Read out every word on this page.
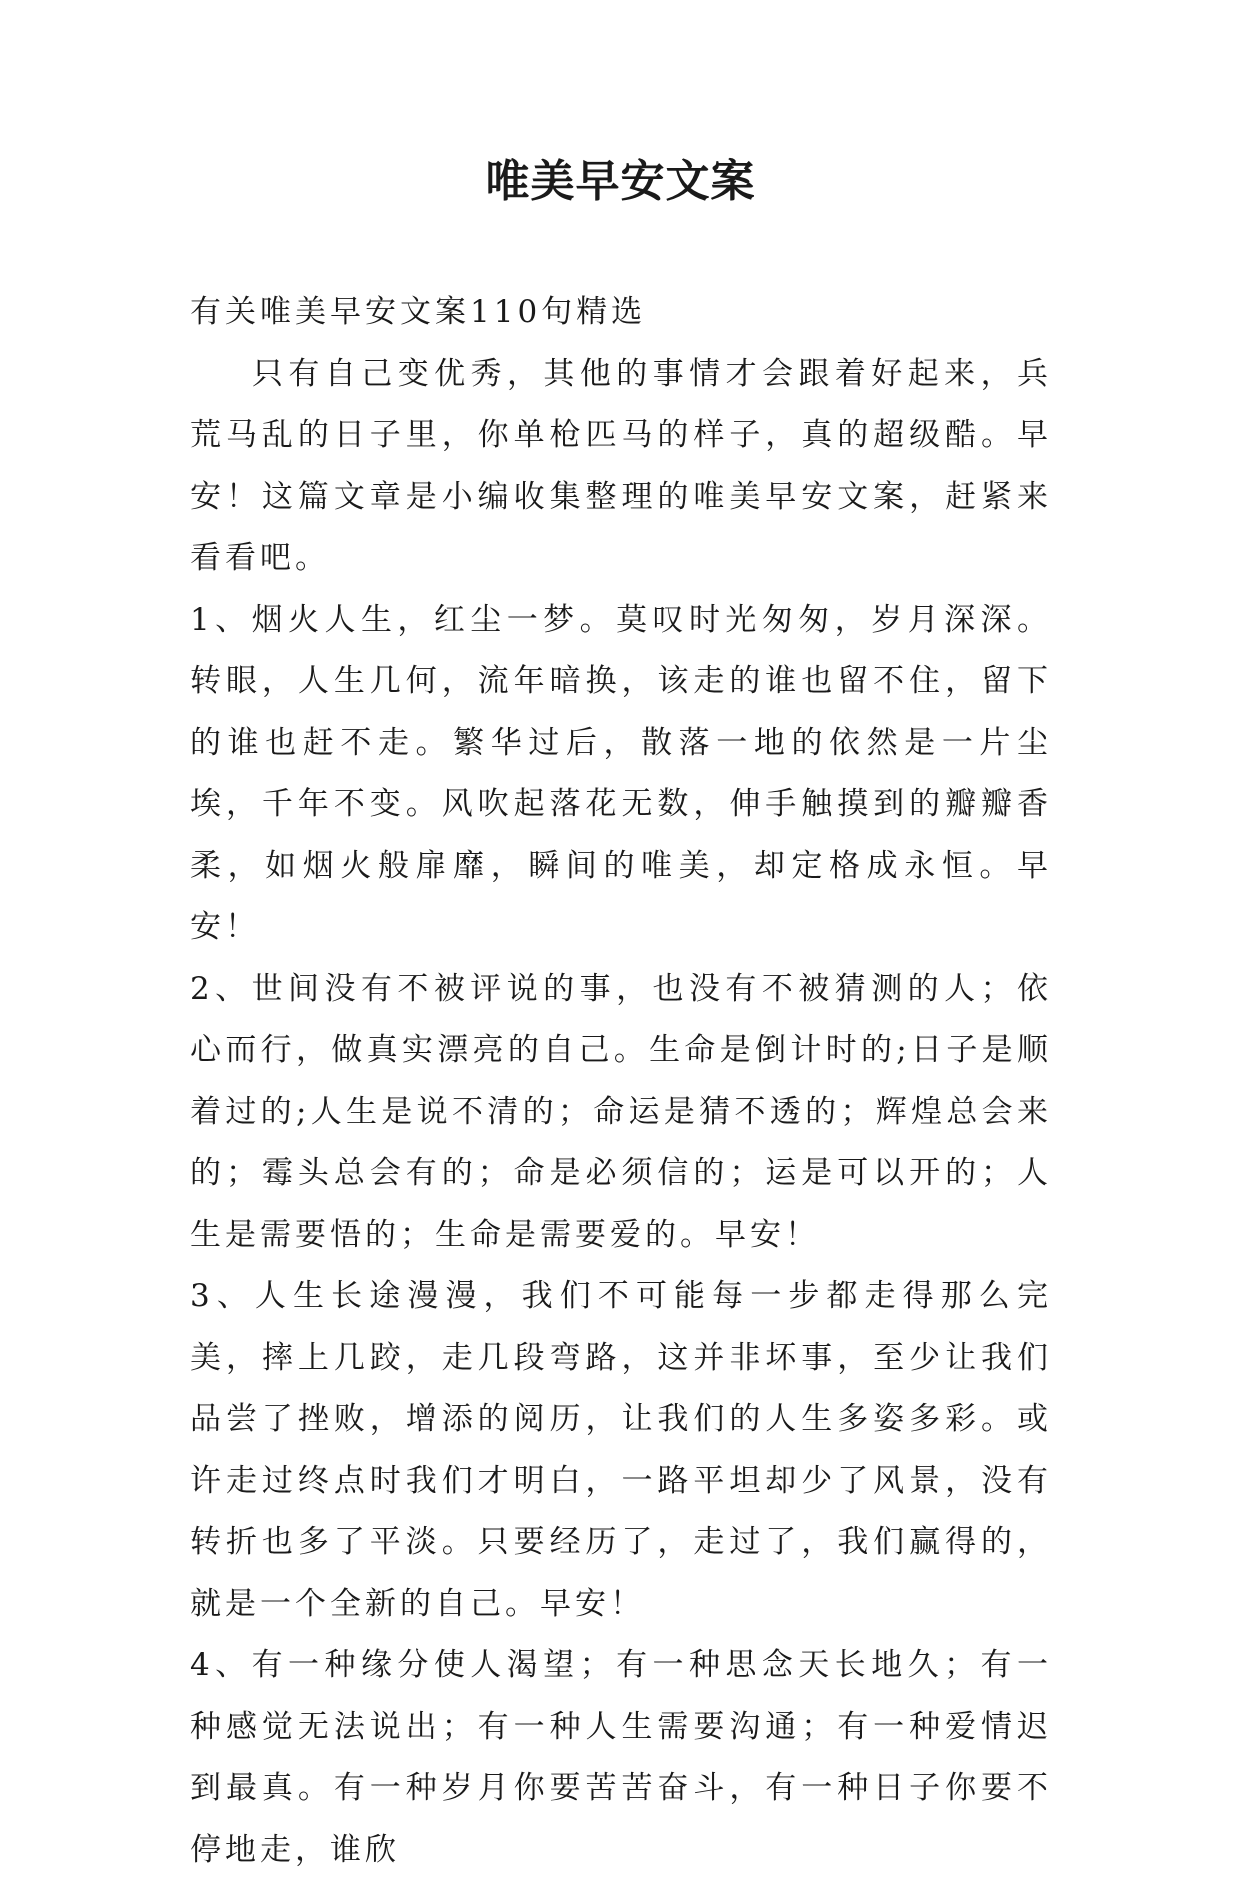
唯美早安文案

有关唯美早安文案110句精选

只有自己变优秀，其他的事情才会跟着好起来，兵荒马乱的日子里，你单枪匹马的样子，真的超级酷。早安！这篇文章是小编收集整理的唯美早安文案，赶紧来看看吧。

1、烟火人生，红尘一梦。莫叹时光匆匆，岁月深深。转眼，人生几何，流年暗换，该走的谁也留不住，留下的谁也赶不走。繁华过后，散落一地的依然是一片尘埃，千年不变。风吹起落花无数，伸手触摸到的瓣瓣香柔，如烟火般扉靡，瞬间的唯美，却定格成永恒。早安！

2、世间没有不被评说的事，也没有不被猜测的人；依心而行，做真实漂亮的自己。生命是倒计时的;日子是顺着过的;人生是说不清的；命运是猜不透的；辉煌总会来的；霉头总会有的；命是必须信的；运是可以开的；人生是需要悟的；生命是需要爱的。早安！

3、人生长途漫漫，我们不可能每一步都走得那么完美，摔上几跤，走几段弯路，这并非坏事，至少让我们品尝了挫败，增添的阅历，让我们的人生多姿多彩。或许走过终点时我们才明白，一路平坦却少了风景，没有转折也多了平淡。只要经历了，走过了，我们赢得的，就是一个全新的自己。早安！

4、有一种缘分使人渴望；有一种思念天长地久；有一种感觉无法说出；有一种人生需要沟通；有一种爱情迟到最真。有一种岁月你要苦苦奋斗，有一种日子你要不停地走，谁欣
